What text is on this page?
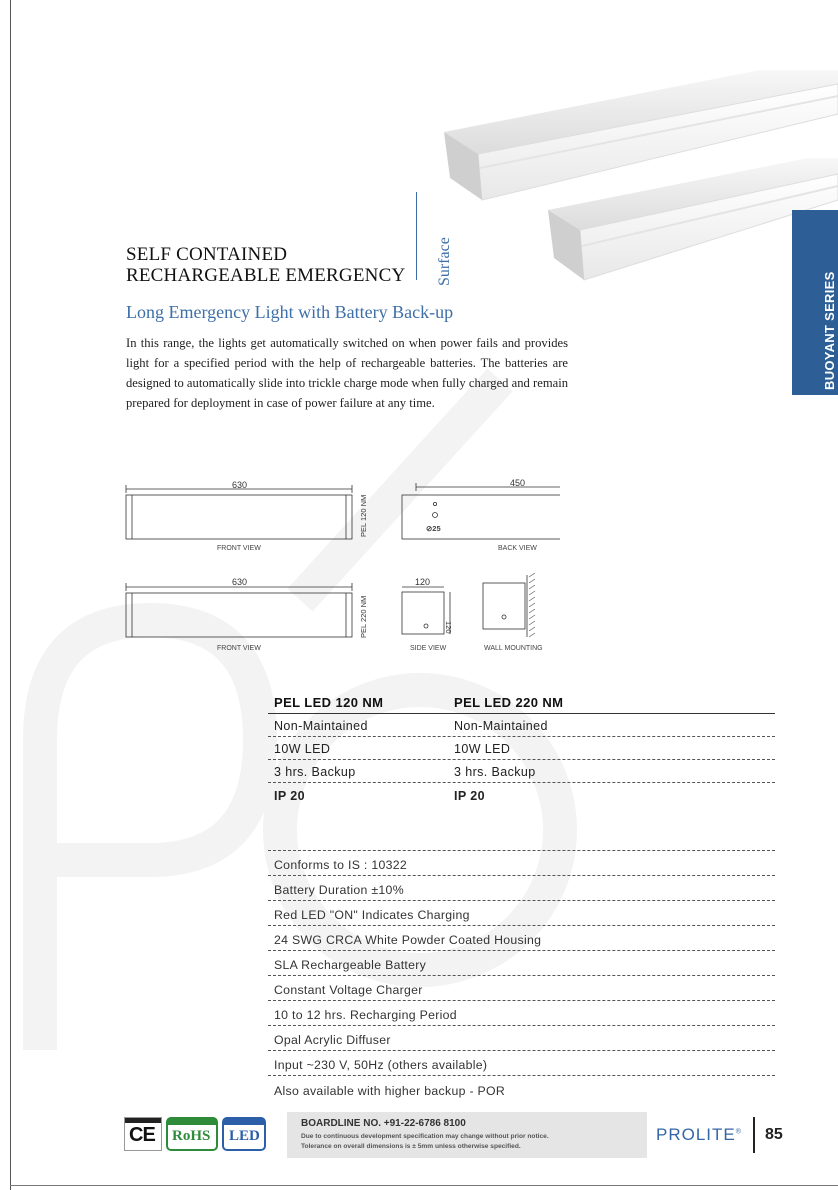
SELF CONTAINED
RECHARGEABLE EMERGENCY Surface
BUOYANT SERIES
Long Emergency Light with Battery Back-up

In this range, the lights get automatically switched on when power fails and provides light for a specified period with the help of rechargeable batteries. The batteries are designed to automatically slide into trickle charge mode when fully charged and remain prepared for deployment in case of power failure at any time.

630
PEL 120 NM
FRONT VIEW
450
⊘25
BACK VIEW
630
PEL 220 NM
FRONT VIEW
120
120
SIDE VIEW	WALL MOUNTING
PEL LED 120 NM	PEL LED 220 NM
Non-Maintained	Non-Maintained
10W LED	10W LED
3 hrs. Backup	3 hrs. Backup
IP 20	IP 20
Conforms to IS : 10322
Battery Duration ±10%
Red LED "ON" Indicates Charging
24 SWG CRCA White Powder Coated Housing
SLA Rechargeable Battery
Constant Voltage Charger
10 to 12 hrs. Recharging Period
Opal Acrylic Diffuser
Input ~230 V, 50Hz (others available)
Also available with higher backup - POR
CE RoHS LED
BOARDLINE NO. +91-22-6786 8100
Due to continuous development specification may change without prior notice.
Tolerance on overall dimensions is ± 5mm unless otherwise specified.
PROLITE® 85
